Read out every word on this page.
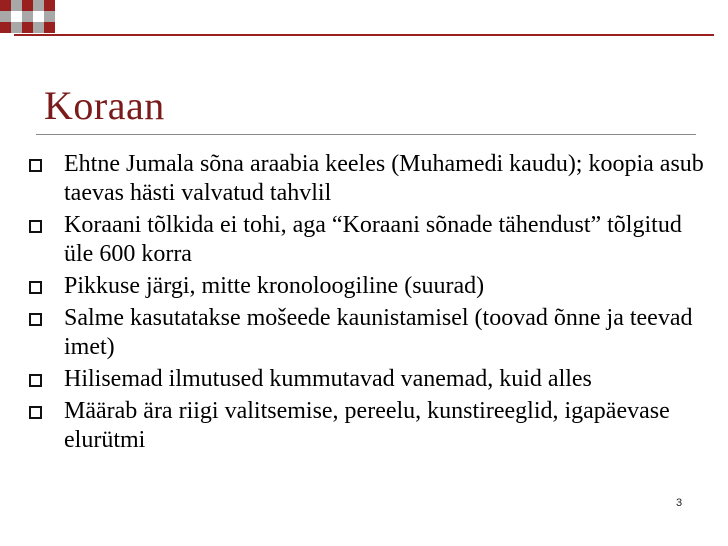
Koraan
Ehtne Jumala sõna araabia keeles (Muhamedi kaudu); koopia asub taevas hästi valvatud tahvlil
Koraani tõlkida ei tohi, aga “Koraani sõnade tähendust” tõlgitud üle 600 korra
Pikkuse järgi, mitte kronoloogiline (suurad)
Salme kasutatakse mošeede kaunistamisel (toovad õnne ja teevad imet)
Hilisemad ilmutused kummutavad vanemad, kuid alles
Määrab ära riigi valitsemise, pereelu, kunstireeglid, igapäevase elurütmi
3
